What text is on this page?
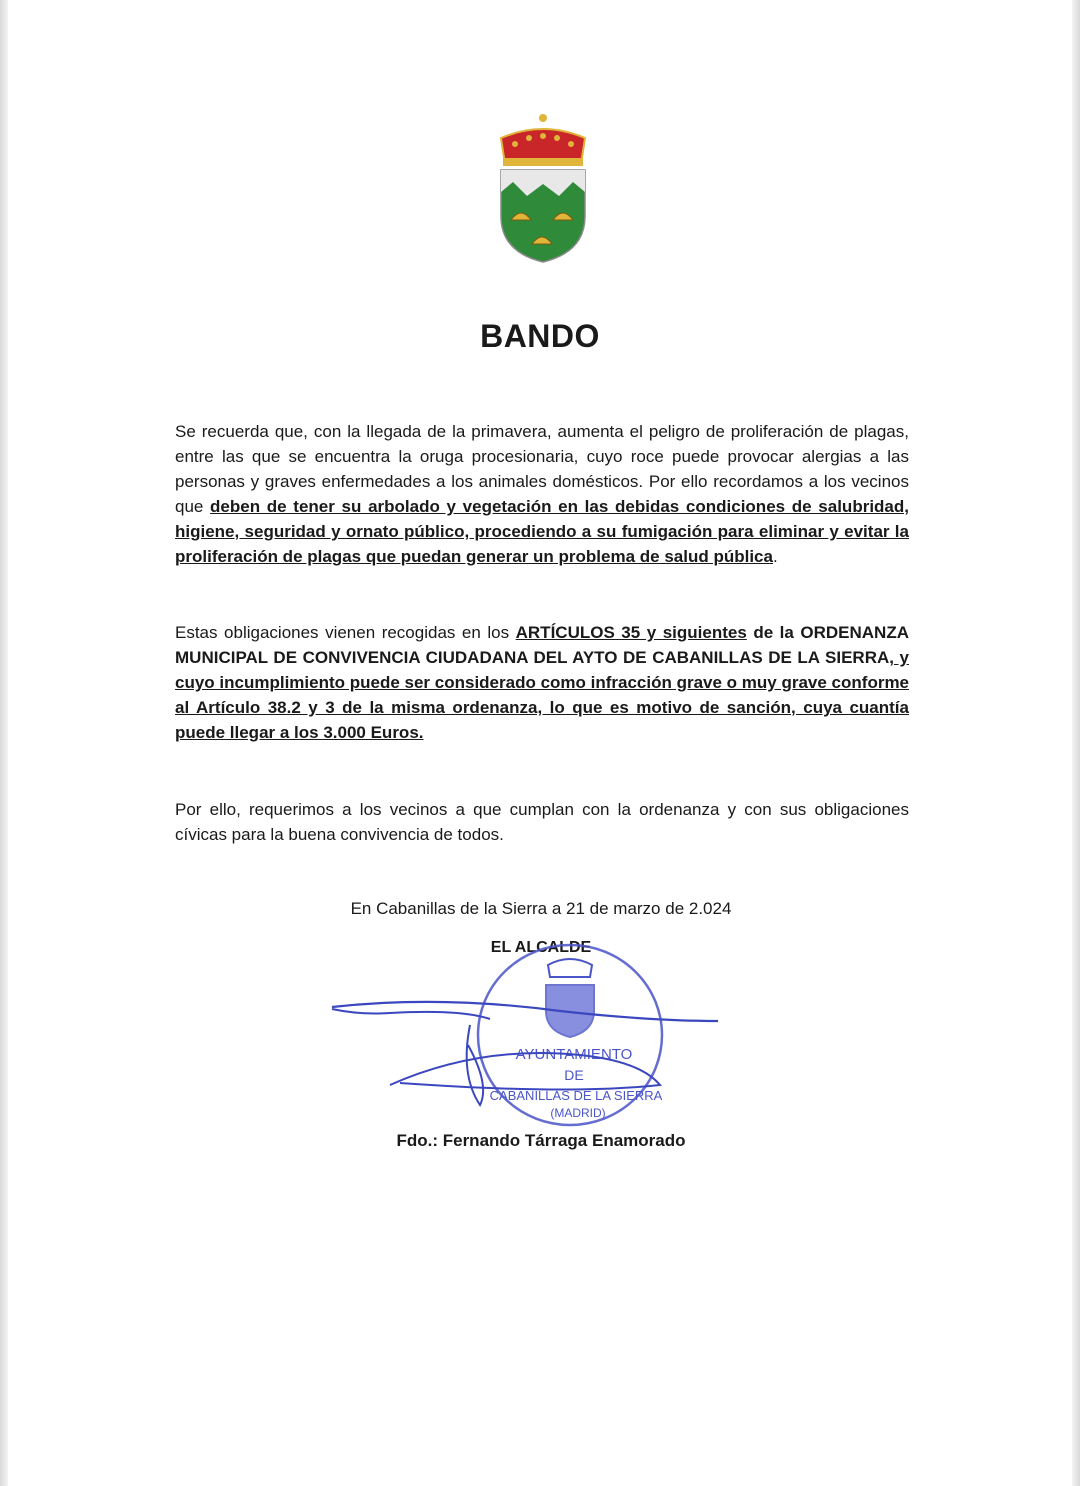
BANDO
Se recuerda que, con la llegada de la primavera, aumenta el peligro de proliferación de plagas, entre las que se encuentra la oruga procesionaria, cuyo roce puede provocar alergias a las personas y graves enfermedades a los animales domésticos. Por ello recordamos a los vecinos que deben de tener su arbolado y vegetación en las debidas condiciones de salubridad, higiene, seguridad y ornato público, procediendo a su fumigación para eliminar y evitar la proliferación de plagas que puedan generar un problema de salud pública.
Estas obligaciones vienen recogidas en los ARTÍCULOS 35 y siguientes de la ORDENANZA MUNICIPAL DE CONVIVENCIA CIUDADANA DEL AYTO DE CABANILLAS DE LA SIERRA, y cuyo incumplimiento puede ser considerado como infracción grave o muy grave conforme al Artículo 38.2 y 3 de la misma ordenanza, lo que es motivo de sanción, cuya cuantía puede llegar a los 3.000 Euros.
Por ello, requerimos a los vecinos a que cumplan con la ordenanza y con sus obligaciones cívicas para la buena convivencia de todos.
En Cabanillas de la Sierra a 21 de marzo de 2.024
EL ALCALDE
AYUNTAMIENTO
DE
CABANILLAS DE LA SIERRA
(MADRID)
Fdo.: Fernando Tárraga Enamorado
